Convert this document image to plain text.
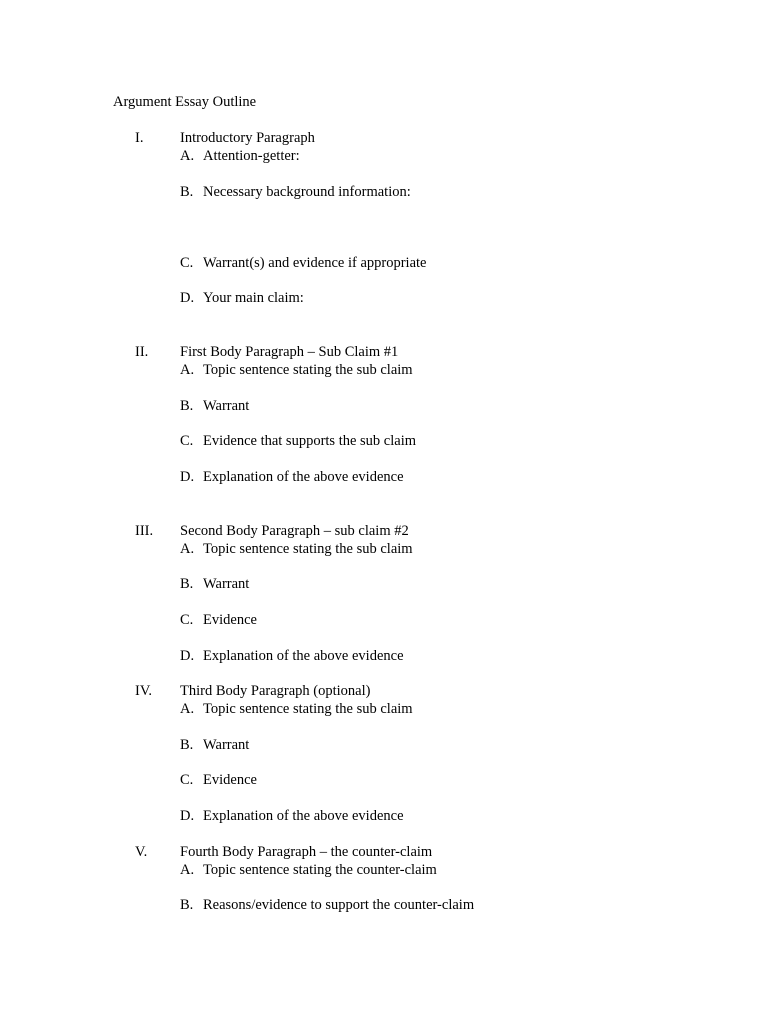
Argument Essay Outline
I.	Introductory Paragraph
A. Attention-getter:
B. Necessary background information:
C. Warrant(s) and evidence if appropriate
D. Your main claim:
II. First Body Paragraph – Sub Claim #1
A. Topic sentence stating the sub claim
B. Warrant
C. Evidence that supports the sub claim
D. Explanation of the above evidence
III. Second Body Paragraph – sub claim #2
A. Topic sentence stating the sub claim
B. Warrant
C. Evidence
D. Explanation of the above evidence
IV. Third Body Paragraph (optional)
A. Topic sentence stating the sub claim
B. Warrant
C. Evidence
D. Explanation of the above evidence
V. Fourth Body Paragraph – the counter-claim
A. Topic sentence stating the counter-claim
B. Reasons/evidence to support the counter-claim
